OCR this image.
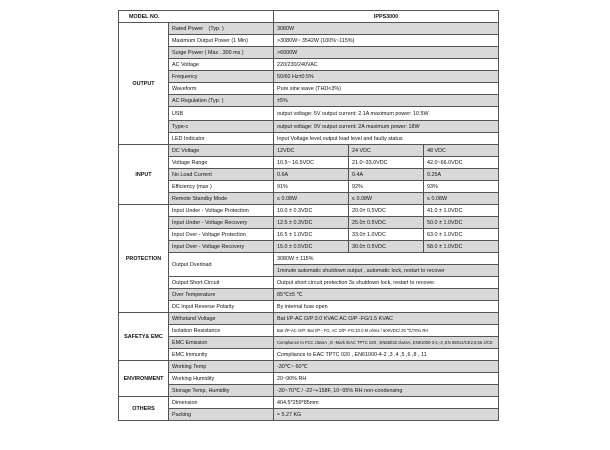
MODEL NO.		IPPS3000		
OUTPUT	Rated Power　(Typ. )	3080W		
	Maximum Output Power (1 Min)	>3080W~ 3542W (100%~115%)		
	Surge Power ( Max . 300 ms )	>6000W		
	AC Voltage	220/230/240VAC		
	Frequency	50/60 Hz±0.5%		
	Waveform	Pure sine wave (THD<3%)		
	AC Regulation (Typ. )	±5%		
	USB	output voltage: 5V output current: 2.1A maximum power: 10.5W		
	Type-c	output voltage: 9V output current: 2A maximum power: 18W		
	LED Indicator	Input Voltage level,output load level and faulty status		
INPUT	DC Voltage	12VDC	24 VDC	48 VDC
	Voltage Range	10.5~ 16.5VDC	21.0~33.0VDC	42.0~66.0VDC
	No Load Current	0.6A	0.4A	0.25A
	Efficiency (max )	91%	92%	93%
	Remote Standby Mode	≤ 0.08W	≤ 0.08W	≤ 0.08W
PROTECTION	Input Under - Voltage Protection	10.0 ± 0.3VDC	20.0± 0.5VDC	41.0 ± 1.0VDC
	Input Under - Voltage Recovery	12.5 ± 0.3VDC	25.0± 0.5VDC	50.0 ± 1.0VDC
	Input Over - Voltage Protection	16.5 ± 1.0VDC	33.0± 1.0VDC	63.0 ± 1.0VDC
	Input Over - Voltage Recovery	15.0 ± 0.5VDC	30.0± 0.5VDC	58.0 ± 1.0VDC
	Output Overload	3080W ± 115%		
		1minute automatic shutdown output , automatic lock, restart to recover		
	Output Short Circuit	Output short circuit protection 3s shutdown lock, restart to recover.		
	Over Temperature	85℃±5 ℃		
	DC Input Reverse Polarity	By internal fuse open		
SAFETY& EMC	Withstand Voltage	Bat I/P-AC O/P:3.0 KVAC AC O/P -FG/1.5 KVAC		
	Isolation Resistance	Bat I/P-AC O/P; Bat I/P - FG, AC O/P -FG:10.0 M ohms / 500VDC/ 25 ℃/70% RH		
	EMC Emission	Compliance to FCC classA , E -Mark /EAC TPTC 020 , EN55032 classA, EN61000-3-2,-3 ,EN 55014/CE2,8,55 4/CE		
	EMC Immunity	Compliance to EAC TPTC 020 , EN61000-4-2 ,3 ,4 ,5 ,6 ,8 , 11		
ENVIRONMENT	Working Temp	-30℃~ 60℃		
	Working Humidity	20~90% RH		
	Storage Temp, Humidity	-30~70℃ / -22~+158F, 10~95% RH non-condensing		
OTHERS	Dimension	404.5*259*85mm		
	Packing	≈ 5.27 KG		
